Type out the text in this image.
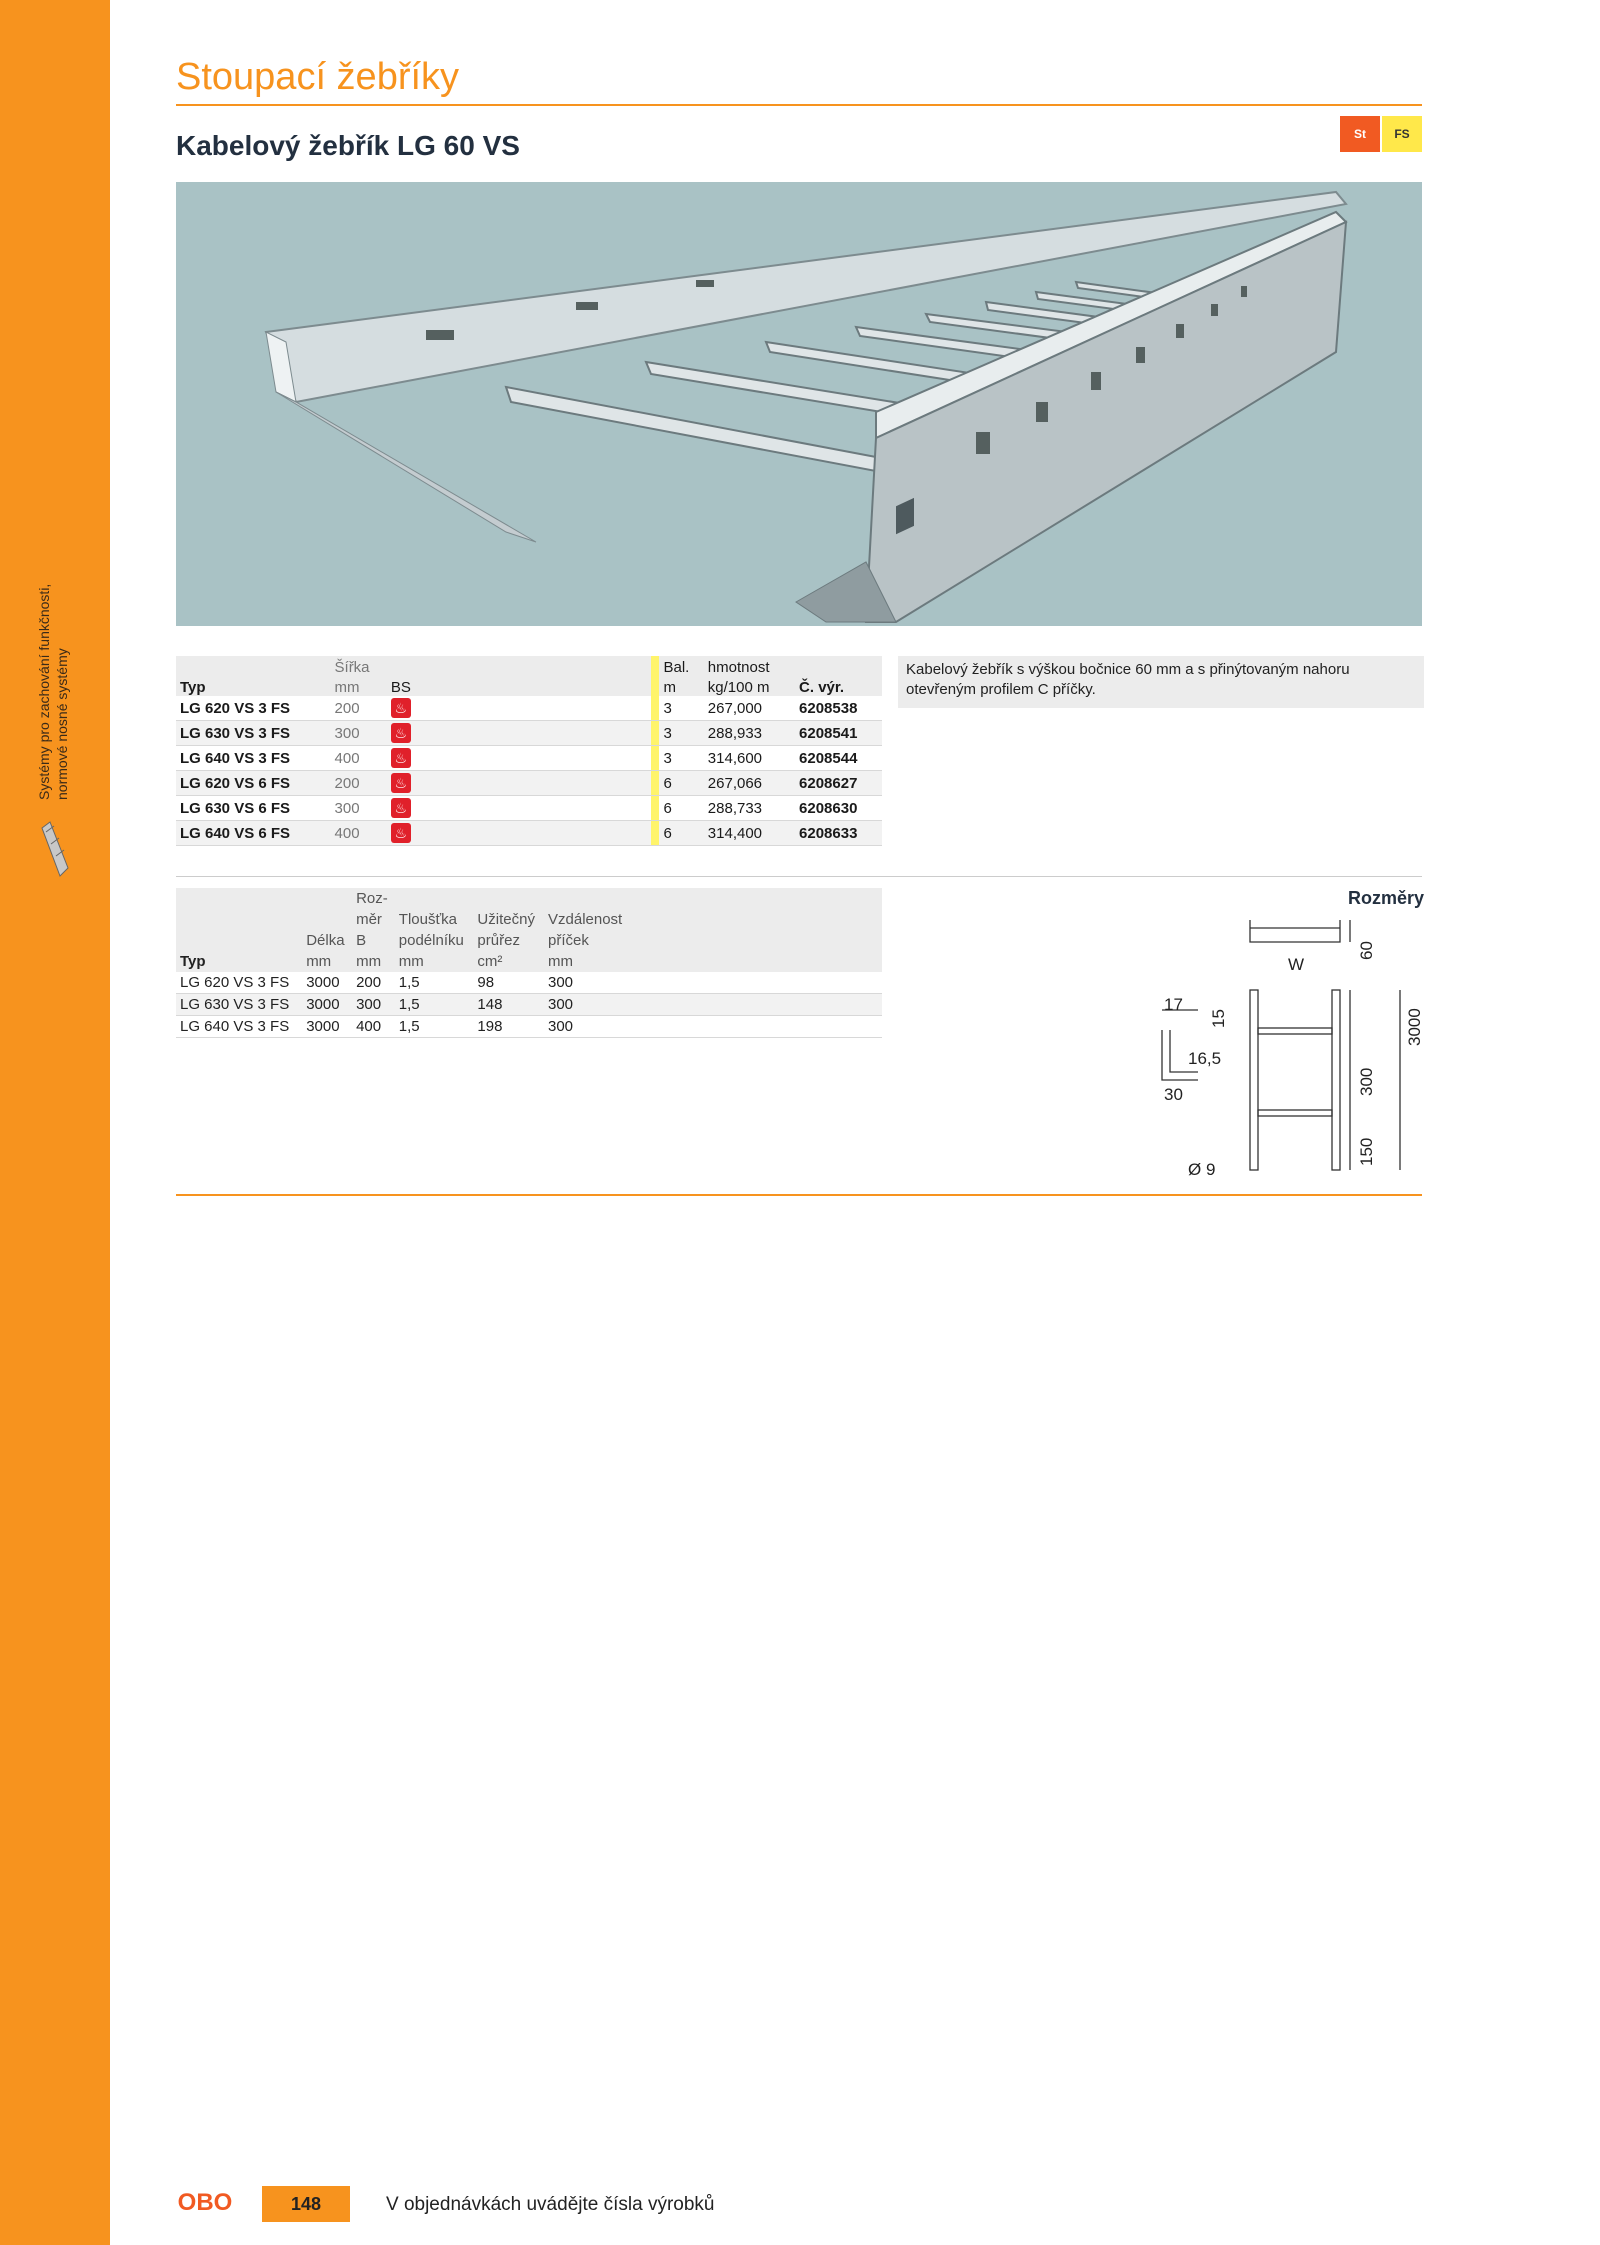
Systémy pro zachování funkčnosti, normové nosné systémy
Stoupací žebříky
Kabelový žebřík LG 60 VS	St	FS
	Šířka				Bal.	hmotnost	
Typ	mm	BS			m	kg/100 m	Č. výr.
LG 620 VS 3 FS	200	♨			3	267,000	6208538
LG 630 VS 3 FS	300	♨			3	288,933	6208541
LG 640 VS 3 FS	400	♨			3	314,600	6208544
LG 620 VS 6 FS	200	♨			6	267,066	6208627
LG 630 VS 6 FS	300	♨			6	288,733	6208630
LG 640 VS 6 FS	400	♨			6	314,400	6208633
Kabelový žebřík s výškou bočnice 60 mm a s přinýtovaným nahoru otevřeným profilem C příčky.
		Roz-			
		měr	Tloušťka	Užitečný	Vzdálenost
	Délka	B	podélníku	průřez	příček
Typ	mm	mm	mm	cm²	mm
LG 620 VS 3 FS	3000	200	1,5	98	300
LG 630 VS 3 FS	3000	300	1,5	148	300
LG 640 VS 3 FS	3000	400	1,5	198	300
Rozměry
W
60
3000
300
150
17
15
16,5
30
Ø 9
OBO	148	V objednávkách uvádějte čísla výrobků
